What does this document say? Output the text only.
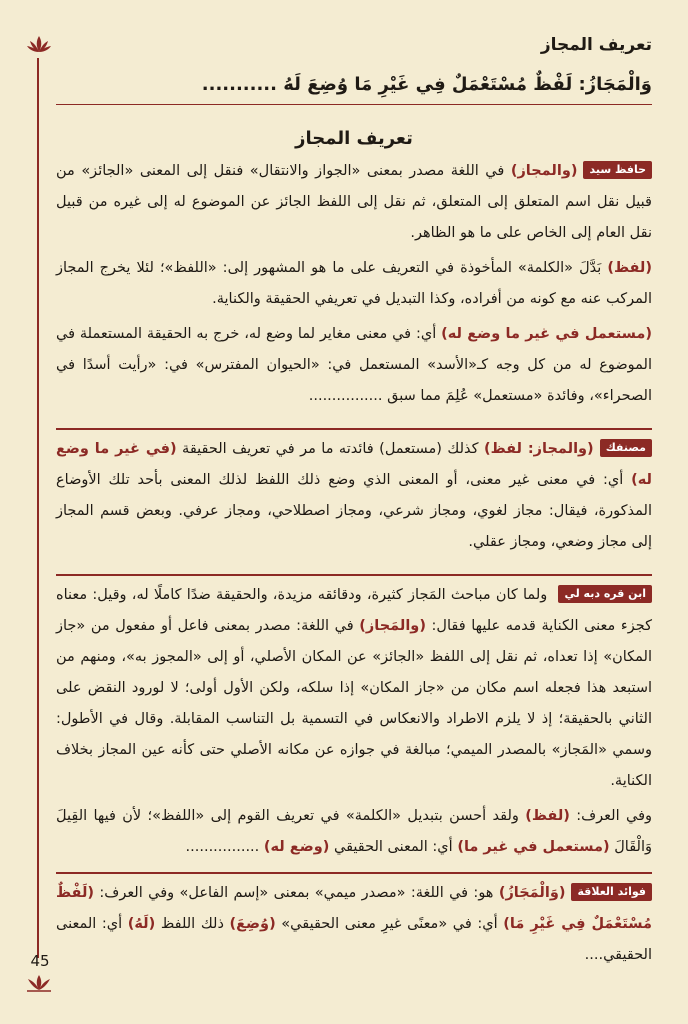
تعريف المجاز
وَالْمَجَازُ: لَفْظٌ مُسْتَعْمَلٌ فِي غَيْرِ مَا وُضِعَ لَهُ ...........
تعريف المجاز

حافظ سيد(والمجاز) في اللغة مصدر بمعنى «الجواز والانتقال» فنقل إلى المعنى «الجائز» من قبيل نقل اسم المتعلق إلى المتعلق، ثم نقل إلى اللفظ الجائز عن الموضوع له إلى غيره من قبيل نقل العام إلى الخاص على ما هو الظاهر.

(لفظ) بَدَّلَ «الكلمة» المأخوذة في التعريف على ما هو المشهور إلى: «اللفظ»؛ لئلا يخرج المجاز المركب عنه مع كونه من أفراده، وكذا التبديل في تعريفي الحقيقة والكناية.

(مستعمل في غير ما وضع له) أي: في معنى مغاير لما وضع له، خرج به الحقيقة المستعملة في الموضوع له من كل وجه كـ«الأسد» المستعمل في: «الحيوان المفترس» في: «رأيت أسدًا في الصحراء»، وفائدة «مستعمل» عُلِمَ مما سبق ................

مصنفك(والمجاز: لفظ) كذلك (مستعمل) فائدته ما مر في تعريف الحقيقة (في غير ما وضع له) أي: في معنى غير معنى، أو المعنى الذي وضع ذلك اللفظ لذلك المعنى بأحد تلك الأوضاع المذكورة، فيقال: مجاز لغوي، ومجاز شرعي، ومجاز اصطلاحي، ومجاز عرفي. وبعض قسم المجاز إلى مجاز وضعي، ومجاز عقلي.

ابن قره دبه لي ولما كان مباحث المَجاز كثيرة، ودقائقه مزيدة، والحقيقة ضدًا كاملًا له، وقيل: معناه كجزء معنى الكناية قدمه عليها فقال: (والمَجاز) في اللغة: مصدر بمعنى فاعل أو مفعول من «جاز المكان» إذا تعداه، ثم نقل إلى اللفظ «الجائز» عن المكان الأصلي، أو إلى «المجوز به»، ومنهم من استبعد هذا فجعله اسم مكان من «جاز المكان» إذا سلكه، ولكن الأول أولى؛ لا لورود النقض على الثاني بالحقيقة؛ إذ لا يلزم الاطراد والانعكاس في التسمية بل التناسب المقابلة. وقال في الأطول: وسمي «المَجاز» بالمصدر الميمي؛ مبالغة في جوازه عن مكانه الأصلي حتى كأنه عين المجاز بخلاف الكناية.

وفي العرف: (لفظ) ولقد أحسن بتبديل «الكلمة» في تعريف القوم إلى «اللفظ»؛ لأن فيها القِيلَ وَالْقَالَ (مستعمل في غير ما) أي: المعنى الحقيقي (وضع له) ................

فوائد العلاقة(وَالْمَجَازُ) هو: في اللغة: «مصدر ميمي» بمعنى «إسم الفاعل» وفي العرف: (لَفْظٌ مُسْتَعْمَلٌ فِي غَيْرِ مَا) أي: في «معنًى غيرِ معنى الحقيقي» (وُضِعَ) ذلك اللفظ (لَهُ) أي: المعنى الحقيقي....

45
